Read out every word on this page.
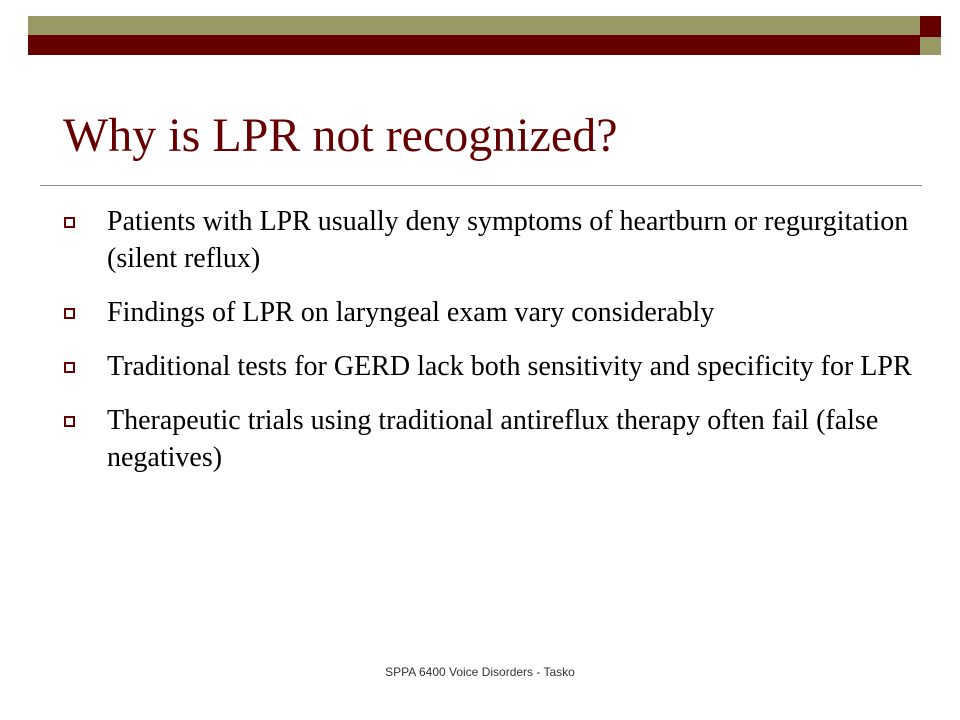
Why is LPR not recognized?
Patients with LPR usually deny symptoms of heartburn or regurgitation (silent reflux)
Findings of LPR on laryngeal exam vary considerably
Traditional tests for GERD lack both sensitivity and specificity for LPR
Therapeutic trials using traditional antireflux therapy often fail (false negatives)
SPPA 6400 Voice Disorders - Tasko
